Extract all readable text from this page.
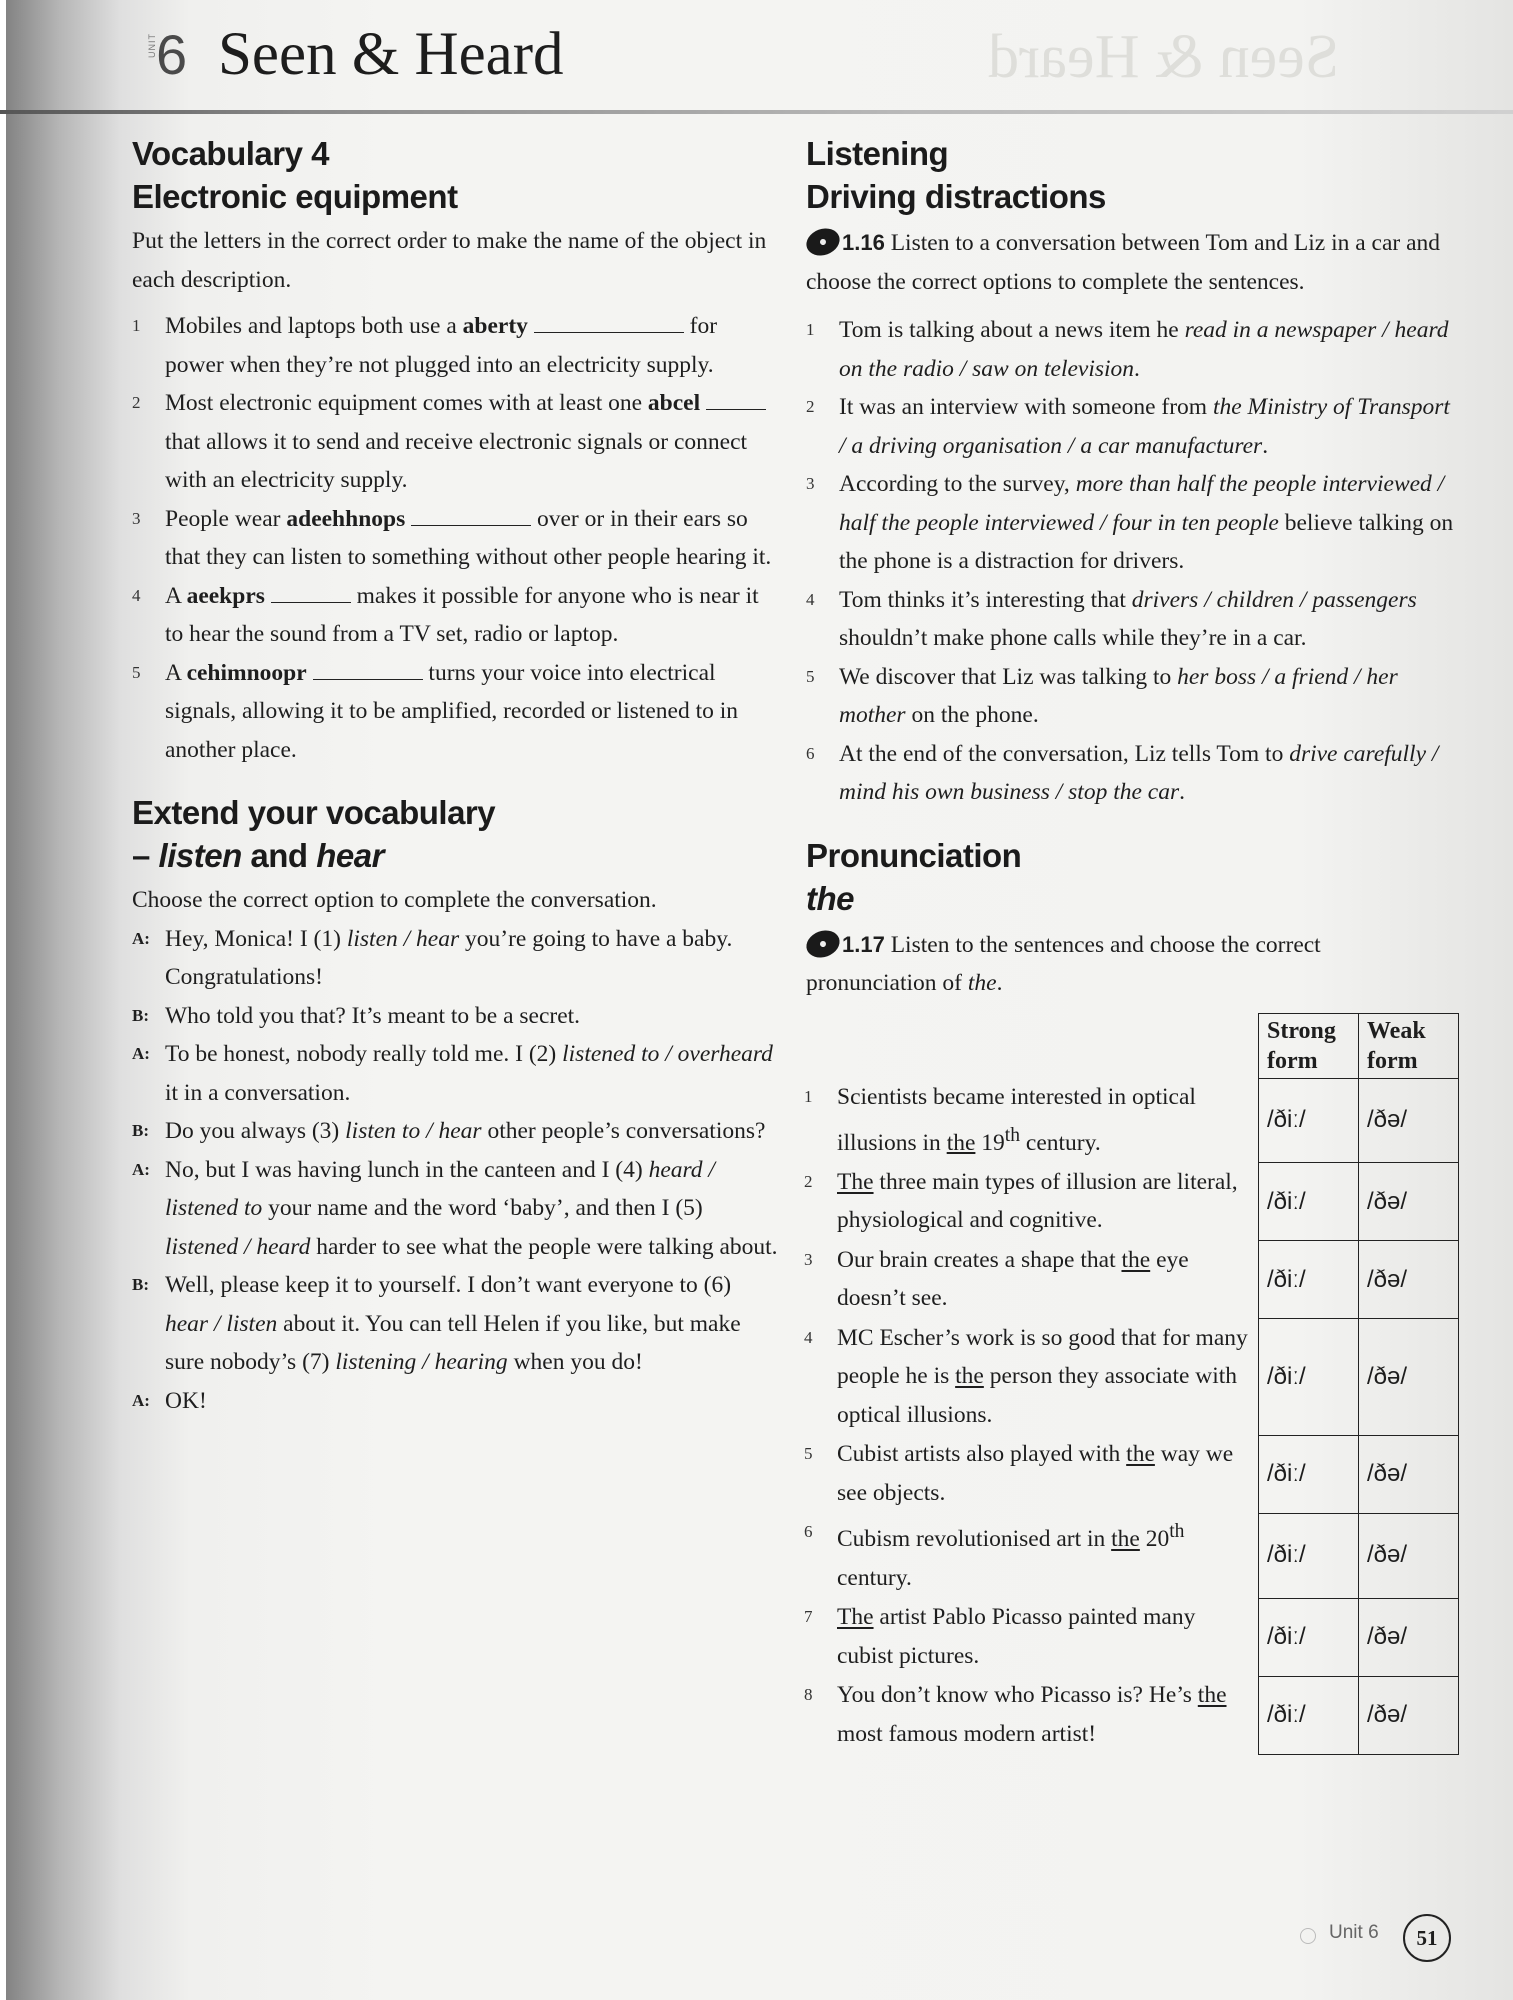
Seen & Heard
UNIT 6 Seen & Heard
Vocabulary 4
Electronic equipment

Put the letters in the correct order to make the name of the object in each description.

1	Mobiles and laptops both use a aberty	for power when they’re not plugged into an electricity supply.
2	Most electronic equipment comes with at least one abcel  that allows it to send and receive electronic signals or connect with an electricity supply.
3	People wear adeehhnops	over or in their ears so that they can listen to something without other people hearing it.
4	A aeekprs	makes it possible for anyone who is near it to hear the sound from a TV set, radio or laptop.
5	A cehimnoopr	turns your voice into electrical signals, allowing it to be amplified, recorded or listened to in another place.
Extend your vocabulary
– listen and hear

Choose the correct option to complete the conversation.

A: Hey, Monica! I (1) listen / hear you’re going to have a baby. Congratulations!
B: Who told you that? It’s meant to be a secret.
A: To be honest, nobody really told me. I (2) listened to / overheard it in a conversation.
B: Do you always (3) listen to / hear other people’s conversations?
A: No, but I was having lunch in the canteen and I (4) heard / listened to your name and the word ‘baby’, and then I (5) listened / heard harder to see what the people were talking about.
B: Well, please keep it to yourself. I don’t want everyone to (6) hear / listen about it. You can tell Helen if you like, but make sure nobody’s (7) listening / hearing when you do!
A: OK!
Listening
Driving distractions

1.16 Listen to a conversation between Tom and Liz in a car and choose the correct options to complete the sentences.

1	Tom is talking about a news item he read in a newspaper / heard on the radio / saw on television.
2	It was an interview with someone from the Ministry of Transport / a driving organisation / a car manufacturer.
3	According to the survey, more than half the people interviewed / half the people interviewed / four in ten people believe talking on the phone is a distraction for drivers.
4	Tom thinks it’s interesting that drivers / children / passengers shouldn’t make phone calls while they’re in a car.
5	We discover that Liz was talking to her boss / a friend / her mother on the phone.
6	At the end of the conversation, Liz tells Tom to drive carefully / mind his own business / stop the car.
Pronunciation
the

1.17 Listen to the sentences and choose the correct pronunciation of the.

	Strong form	Weak form

1 Scientists became interested in optical illusions in the 19th century.	/ðiː/	/ðə/

2 The three main types of illusion are literal, physiological and cognitive.	/ðiː/	/ðə/

3 Our brain creates a shape that the eye doesn’t see.	/ðiː/	/ðə/

4 MC Escher’s work is so good that for many people he is the person they associate with optical illusions.	/ðiː/	/ðə/

5 Cubist artists also played with the way we see objects.	/ðiː/	/ðə/

6 Cubism revolutionised art in the 20th century.	/ðiː/	/ðə/

7 The artist Pablo Picasso painted many cubist pictures.	/ðiː/	/ðə/

8 You don’t know who Picasso is? He’s the most famous modern artist!	/ðiː/	/ðə/
Unit 6	51
